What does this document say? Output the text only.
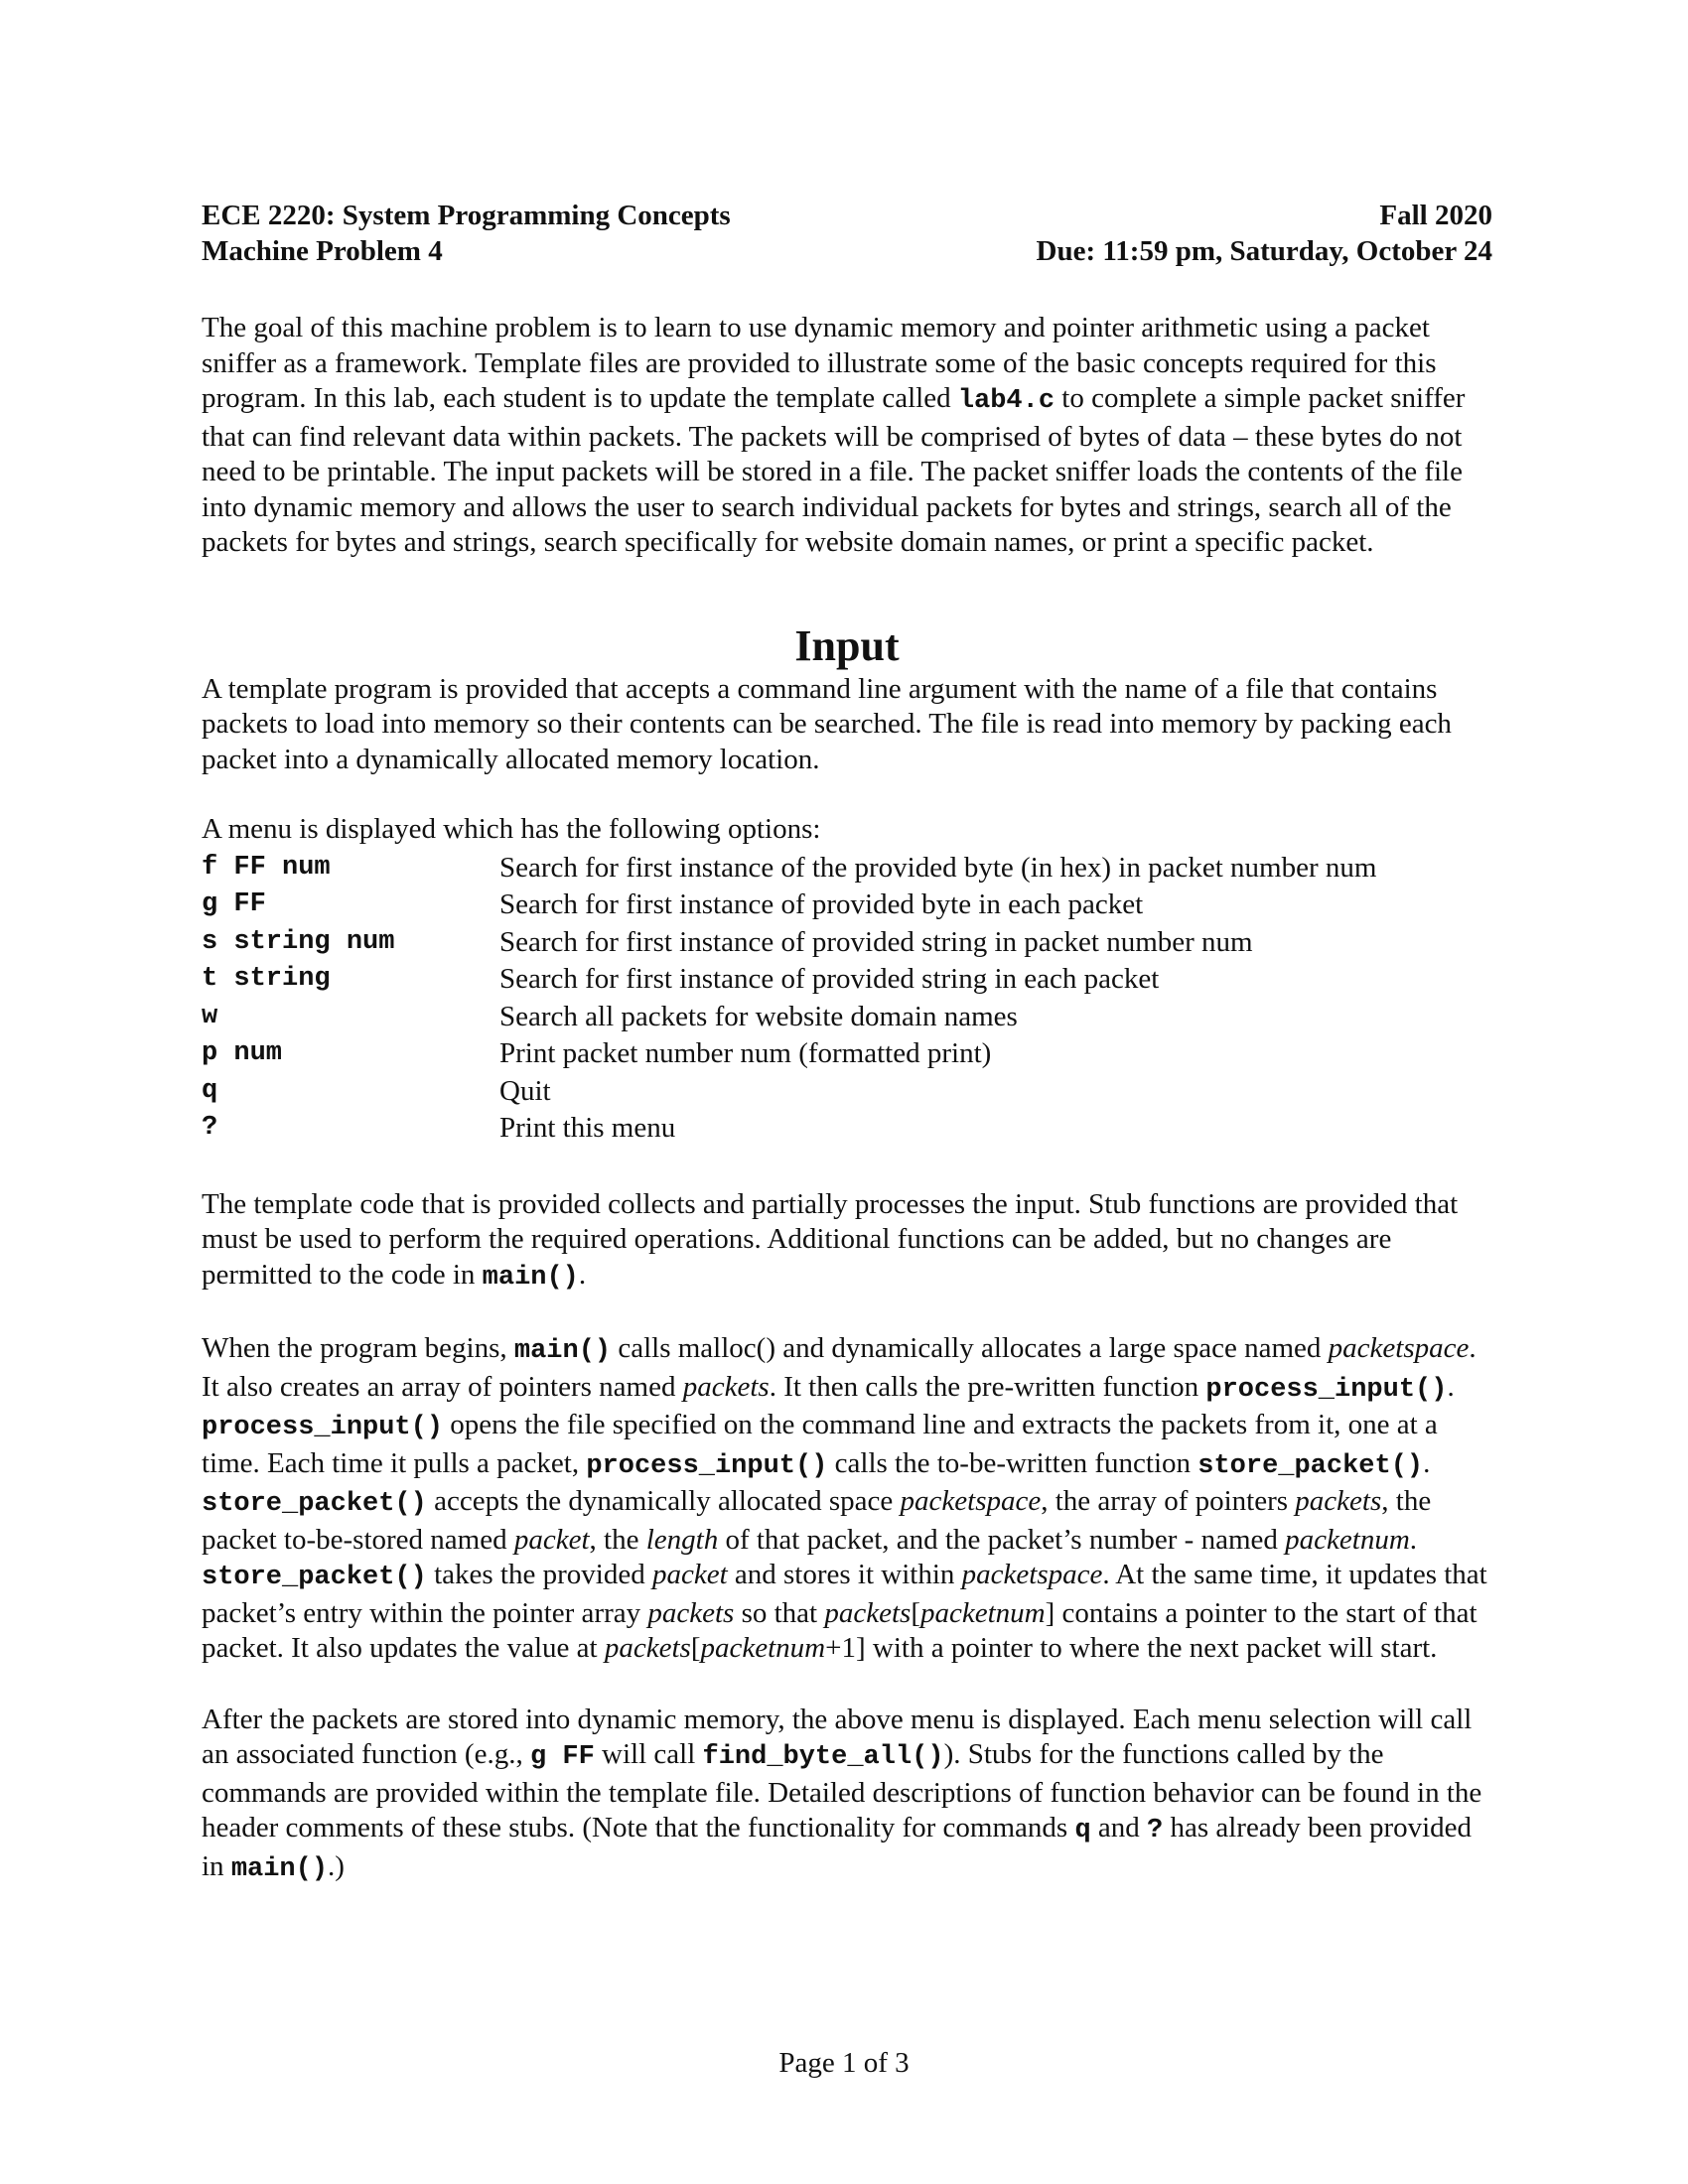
ECE 2220: System Programming Concepts
Machine Problem 4
Fall 2020
Due: 11:59 pm, Saturday, October 24

The goal of this machine problem is to learn to use dynamic memory and pointer arithmetic using a packet sniffer as a framework. Template files are provided to illustrate some of the basic concepts required for this program. In this lab, each student is to update the template called lab4.c to complete a simple packet sniffer that can find relevant data within packets. The packets will be comprised of bytes of data – these bytes do not need to be printable. The input packets will be stored in a file. The packet sniffer loads the contents of the file into dynamic memory and allows the user to search individual packets for bytes and strings, search all of the packets for bytes and strings, search specifically for website domain names, or print a specific packet.

Input

A template program is provided that accepts a command line argument with the name of a file that contains packets to load into memory so their contents can be searched. The file is read into memory by packing each packet into a dynamically allocated memory location.

A menu is displayed which has the following options:

f FF num	Search for first instance of the provided byte (in hex) in packet number num
g FF	Search for first instance of provided byte in each packet
s string num	Search for first instance of provided string in packet number num
t string	Search for first instance of provided string in each packet
w	Search all packets for website domain names
p num	Print packet number num (formatted print)
q	Quit
?	Print this menu

The template code that is provided collects and partially processes the input. Stub functions are provided that must be used to perform the required operations. Additional functions can be added, but no changes are permitted to the code in main().

When the program begins, main() calls malloc() and dynamically allocates a large space named packetspace. It also creates an array of pointers named packets. It then calls the pre-written function process_input(). process_input() opens the file specified on the command line and extracts the packets from it, one at a time. Each time it pulls a packet, process_input() calls the to-be-written function store_packet(). store_packet() accepts the dynamically allocated space packetspace, the array of pointers packets, the packet to-be-stored named packet, the length of that packet, and the packet’s number - named packetnum. store_packet() takes the provided packet and stores it within packetspace. At the same time, it updates that packet’s entry within the pointer array packets so that packets[packetnum] contains a pointer to the start of that packet. It also updates the value at packets[packetnum+1] with a pointer to where the next packet will start.

After the packets are stored into dynamic memory, the above menu is displayed. Each menu selection will call an associated function (e.g., g FF will call find_byte_all()). Stubs for the functions called by the commands are provided within the template file. Detailed descriptions of function behavior can be found in the header comments of these stubs. (Note that the functionality for commands q and ? has already been provided in main().)

Page 1 of 3
